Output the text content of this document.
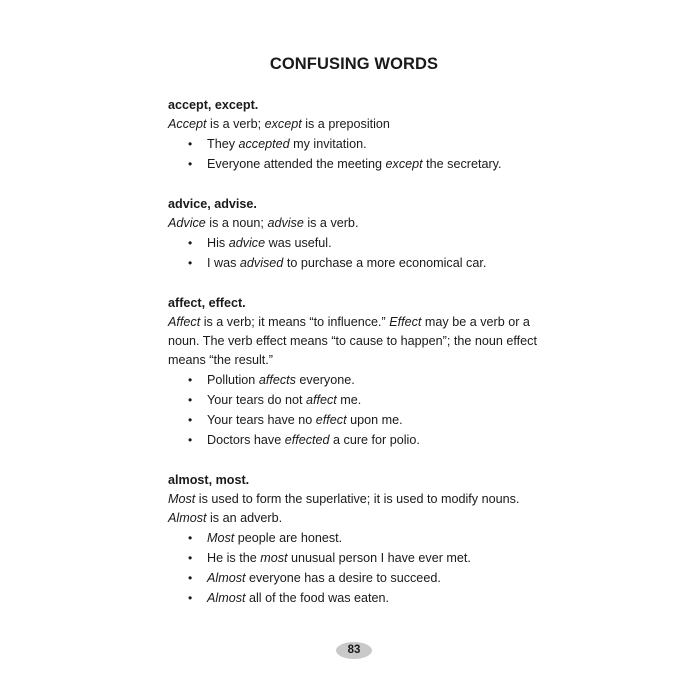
CONFUSING WORDS

accept, except.

Accept is a verb; except is a preposition

• They accepted my invitation.
• Everyone attended the meeting except the secretary.

advice, advise.

Advice is a noun; advise is a verb.

• His advice was useful.
• I was advised to purchase a more economical car.

affect, effect.

Affect is a verb; it means “to influence.” Effect may be a verb or a noun. The verb effect means “to cause to happen”; the noun effect means “the result.”

• Pollution affects everyone.
• Your tears do not affect me.
• Your tears have no effect upon me.
• Doctors have effected a cure for polio.

almost, most.

Most is used to form the superlative; it is used to modify nouns. Almost is an adverb.

• Most people are honest.
• He is the most unusual person I have ever met.
• Almost everyone has a desire to succeed.
• Almost all of the food was eaten.
83
